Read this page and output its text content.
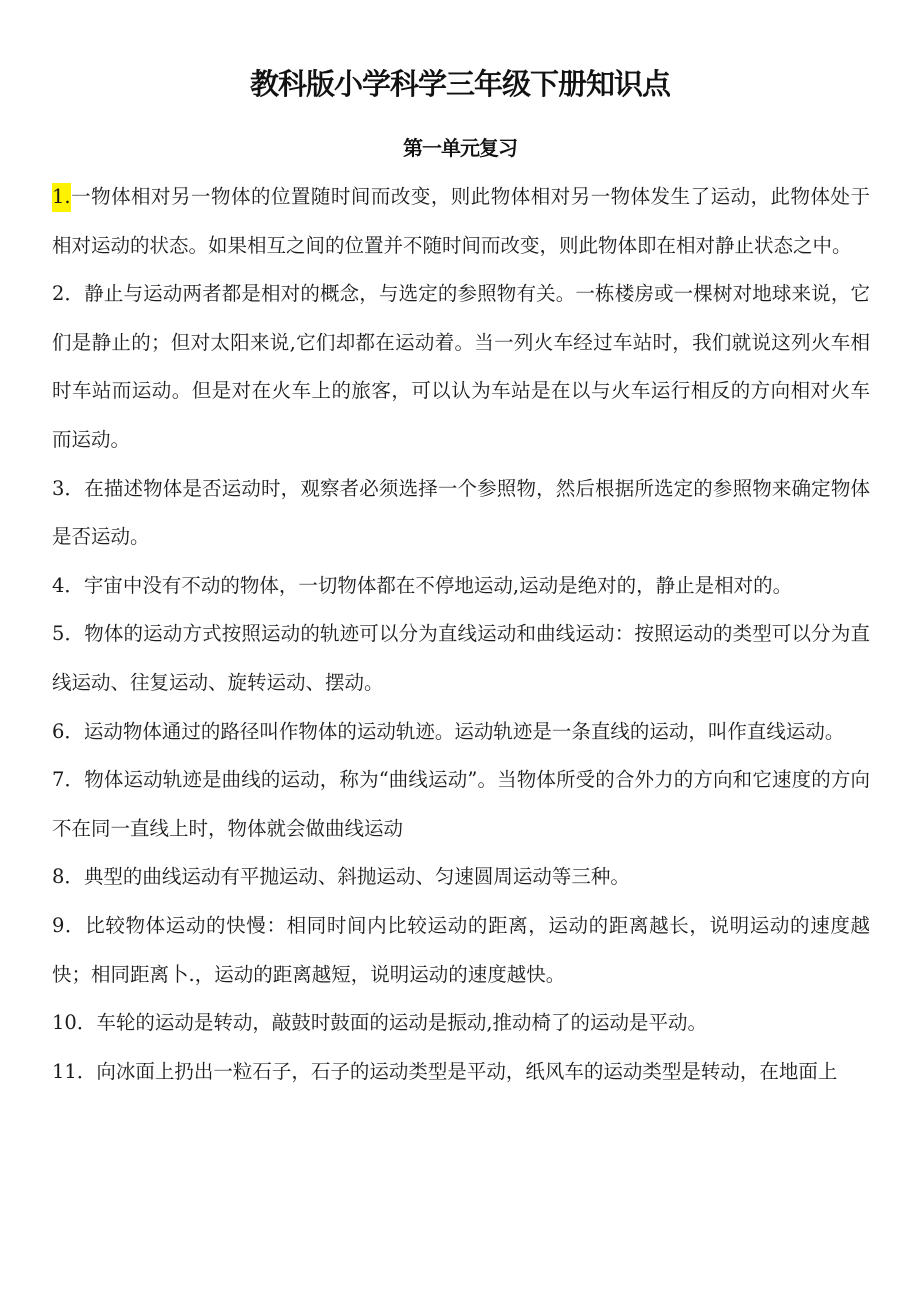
教科版小学科学三年级下册知识点
第一单元复习

1.一物体相对另一物体的位置随时间而改变，则此物体相对另一物体发生了运动，此物体处于相对运动的状态。如果相互之间的位置并不随时间而改变，则此物体即在相对静止状态之中。

2．静止与运动两者都是相对的概念，与选定的参照物有关。一栋楼房或一棵树对地球来说，它们是静止的；但对太阳来说,它们却都在运动着。当一列火车经过车站时，我们就说这列火车相时车站而运动。但是对在火车上的旅客，可以认为车站是在以与火车运行相反的方向相对火车而运动。

3．在描述物体是否运动时，观察者必须选择一个参照物，然后根据所选定的参照物来确定物体是否运动。

4．宇宙中没有不动的物体，一切物体都在不停地运动,运动是绝对的，静止是相对的。

5．物体的运动方式按照运动的轨迹可以分为直线运动和曲线运动：按照运动的类型可以分为直线运动、往复运动、旋转运动、摆动。

6．运动物体通过的路径叫作物体的运动轨迹。运动轨迹是一条直线的运动，叫作直线运动。

7．物体运动轨迹是曲线的运动，称为“曲线运动”。当物体所受的合外力的方向和它速度的方向不在同一直线上时，物体就会做曲线运动

8．典型的曲线运动有平抛运动、斜抛运动、匀速圆周运动等三种。

9．比较物体运动的快慢：相同时间内比较运动的距离，运动的距离越长，说明运动的速度越快；相同距离卜.，运动的距离越短，说明运动的速度越快。

10．车轮的运动是转动，敲鼓时鼓面的运动是振动,推动椅了的运动是平动。

11．向冰面上扔出一粒石子，石子的运动类型是平动，纸风车的运动类型是转动，在地面上
